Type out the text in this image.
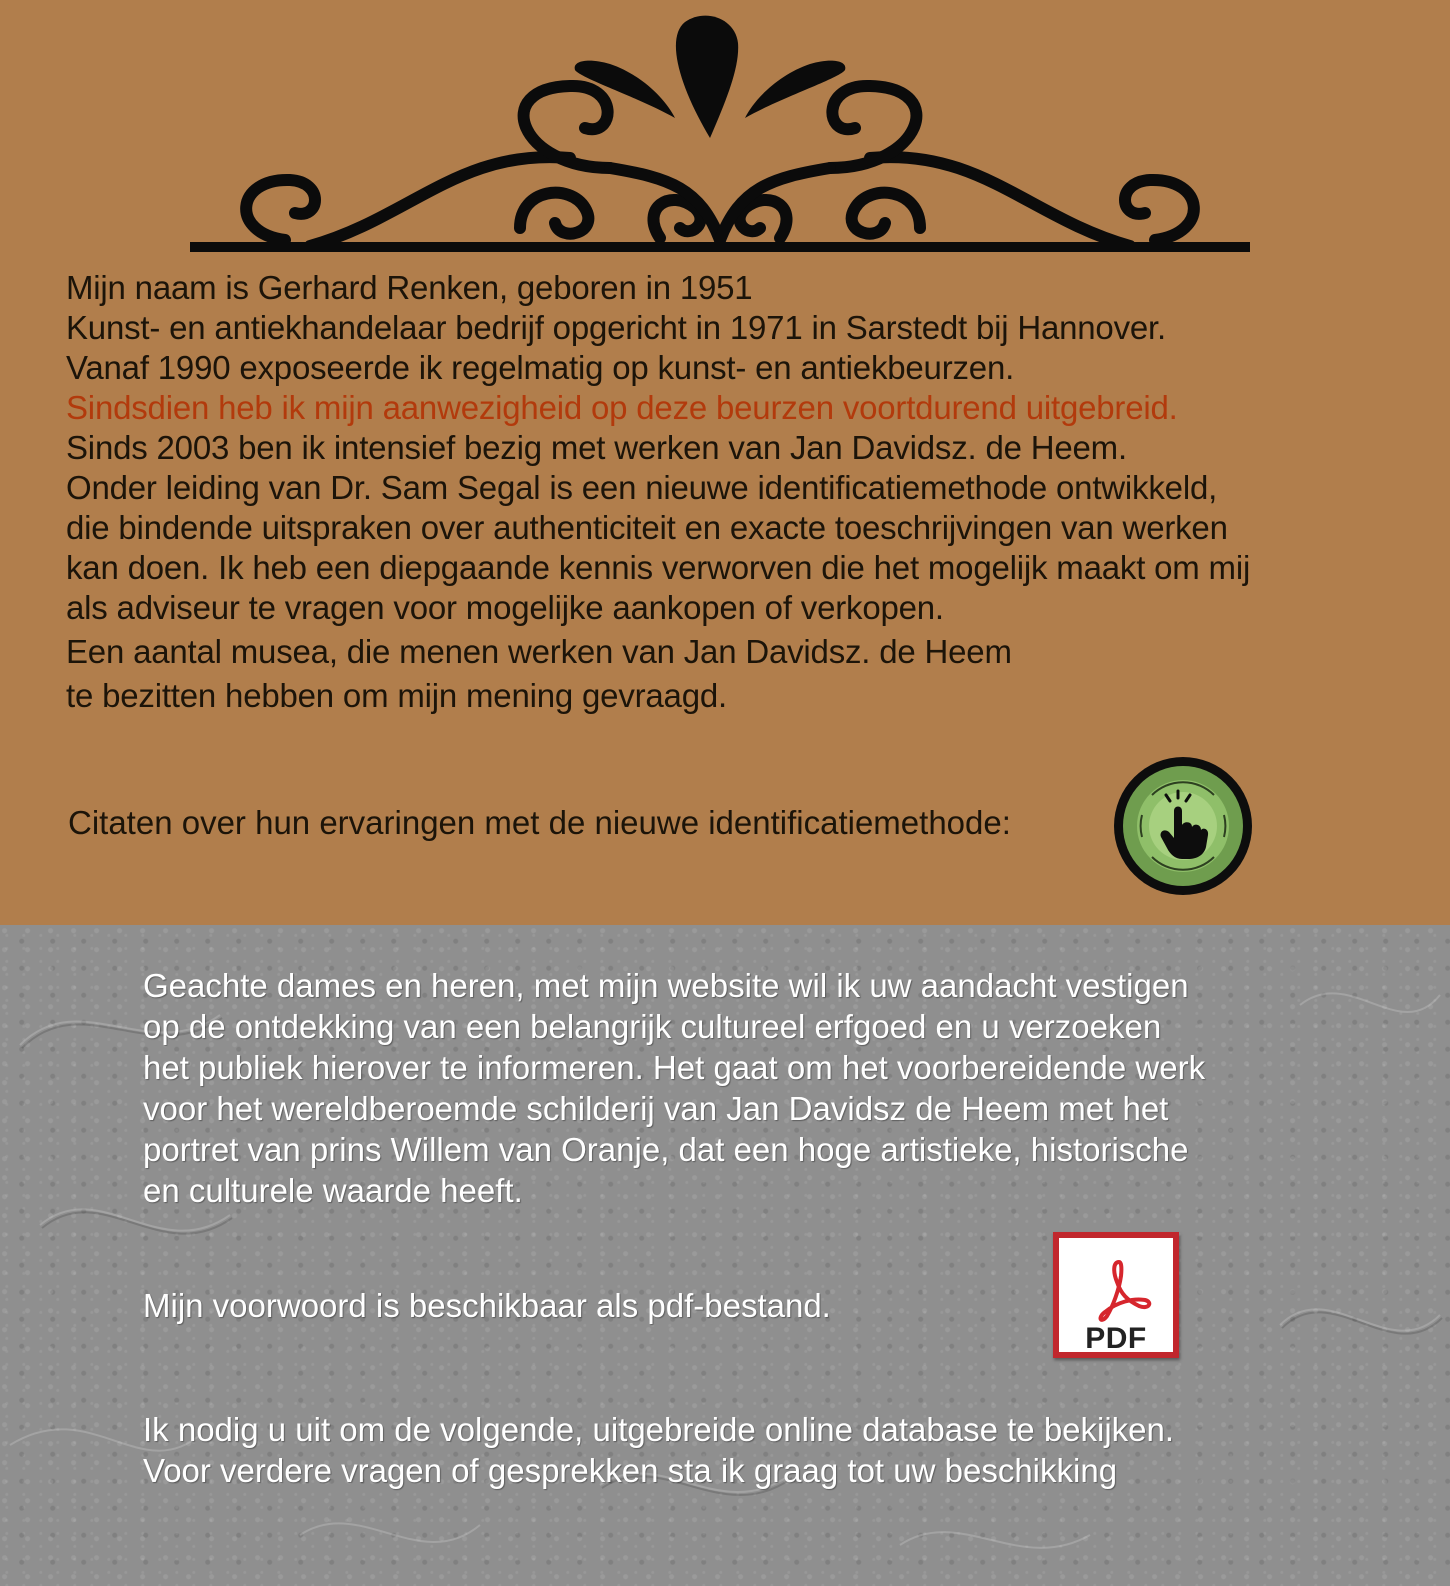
Mijn naam is Gerhard Renken, geboren in 1951
Kunst- en antiekhandelaar bedrijf opgericht in 1971 in Sarstedt bij Hannover.
Vanaf 1990 exposeerde ik regelmatig op kunst- en antiekbeurzen.
Sindsdien heb ik mijn aanwezigheid op deze beurzen voortdurend uitgebreid.
Sinds 2003 ben ik intensief bezig met werken van Jan Davidsz. de Heem.
Onder leiding van Dr. Sam Segal is een nieuwe identificatiemethode ontwikkeld,
die bindende uitspraken over authenticiteit en exacte toeschrijvingen van werken
kan doen. Ik heb een diepgaande kennis verworven die het mogelijk maakt om mij
als adviseur te vragen voor mogelijke aankopen of verkopen.
Een aantal musea, die menen werken van Jan Davidsz. de Heem
te bezitten hebben om mijn mening gevraagd.
Citaten over hun ervaringen met de nieuwe identificatiemethode:
Geachte dames en heren, met mijn website wil ik uw aandacht vestigen
op de ontdekking van een belangrijk cultureel erfgoed en u verzoeken
het publiek hierover te informeren. Het gaat om het voorbereidende werk
voor het wereldberoemde schilderij van Jan Davidsz de Heem met het
portret van prins Willem van Oranje, dat een hoge artistieke, historische
en culturele waarde heeft.
Mijn voorwoord is beschikbaar als pdf-bestand.
PDF
Ik nodig u uit om de volgende, uitgebreide online database te bekijken.
Voor verdere vragen of gesprekken sta ik graag tot uw beschikking
